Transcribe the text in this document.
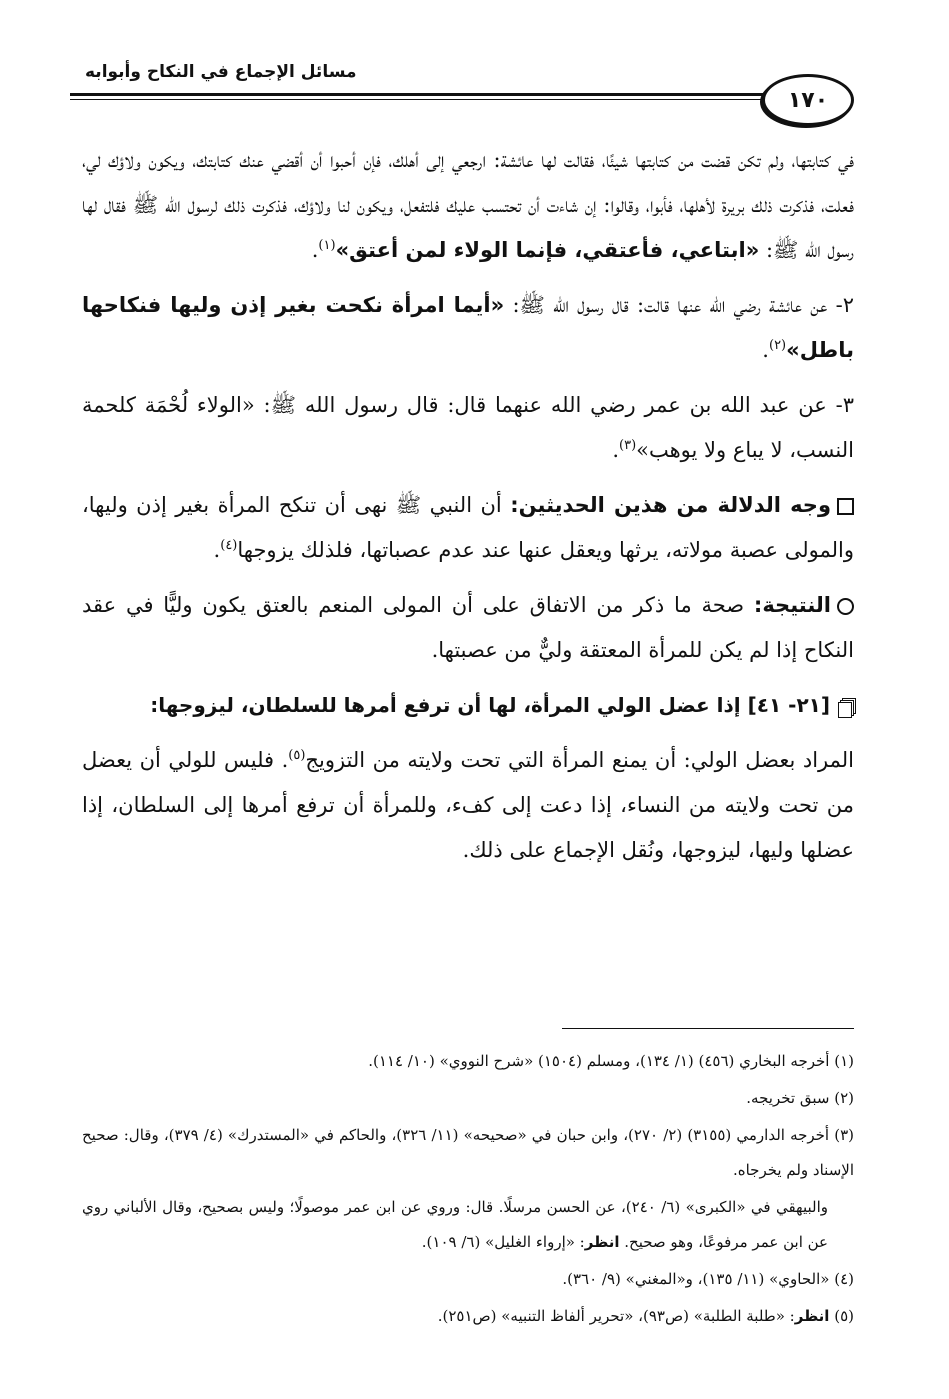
مسائل الإجماع في النكاح وأبوابه
١٧٠

في كتابتها، ولم تكن قضت من كتابتها شيئًا، فقالت لها عائشة: ارجعي إلى أهلك، فإن أحبوا أن أقضي عنك كتابتك، ويكون ولاؤك لي، فعلت، فذكرت ذلك بريرة لأهلها، فأبوا، وقالوا: إن شاءت أن تحتسب عليك فلتفعل، ويكون لنا ولاؤك، فذكرت ذلك لرسول الله ﷺ فقال لها رسول الله ﷺ: «ابتاعي، فأعتقي، فإنما الولاء لمن أعتق»$^{(١)}$.

٢- عن عائشة رضي الله عنها قالت: قال رسول الله ﷺ: «أيما امرأة نكحت بغير إذن وليها فنكاحها باطل»$^{(٢)}$.

٣- عن عبد الله بن عمر رضي الله عنهما قال: قال رسول الله ﷺ: «الولاء لُحْمَة كلحمة النسب، لا يباع ولا يوهب»$^{(٣)}$.

وجه الدلالة من هذين الحديثين: أن النبي ﷺ نهى أن تنكح المرأة بغير إذن وليها، والمولى عصبة مولاته، يرثها ويعقل عنها عند عدم عصباتها، فلذلك يزوجها$^{(٤)}$.

النتيجة: صحة ما ذكر من الاتفاق على أن المولى المنعم بالعتق يكون وليًّا في عقد النكاح إذا لم يكن للمرأة المعتقة وليٌّ من عصبتها.

[٢١- ٤١] إذا عضل الولي المرأة، لها أن ترفع أمرها للسلطان، ليزوجها:

المراد بعضل الولي: أن يمنع المرأة التي تحت ولايته من التزويج$^{(٥)}$. فليس للولي أن يعضل من تحت ولايته من النساء، إذا دعت إلى كفء، وللمرأة أن ترفع أمرها إلى السلطان، إذا عضلها وليها، ليزوجها، ونُقل الإجماع على ذلك.

(١) أخرجه البخاري (٤٥٦) (١/ ١٣٤)، ومسلم (١٥٠٤) «شرح النووي» (١٠/ ١١٤).

(٢) سبق تخريجه.

(٣) أخرجه الدارمي (٣١٥٥) (٢/ ٢٧٠)، وابن حبان في «صحيحه» (١١/ ٣٢٦)، والحاكم في «المستدرك» (٤/ ٣٧٩)، وقال: صحيح الإسناد ولم يخرجاه.

والبيهقي في «الكبرى» (٦/ ٢٤٠)، عن الحسن مرسلًا. قال: وروي عن ابن عمر موصولًا؛ وليس بصحيح، وقال الألباني روي عن ابن عمر مرفوعًا، وهو صحيح. انظر: «إرواء الغليل» (٦/ ١٠٩).

(٤) «الحاوي» (١١/ ١٣٥)، و«المغني» (٩/ ٣٦٠).

(٥) انظر: «طلبة الطلبة» (ص٩٣)، «تحرير ألفاظ التنبيه» (ص٢٥١).
